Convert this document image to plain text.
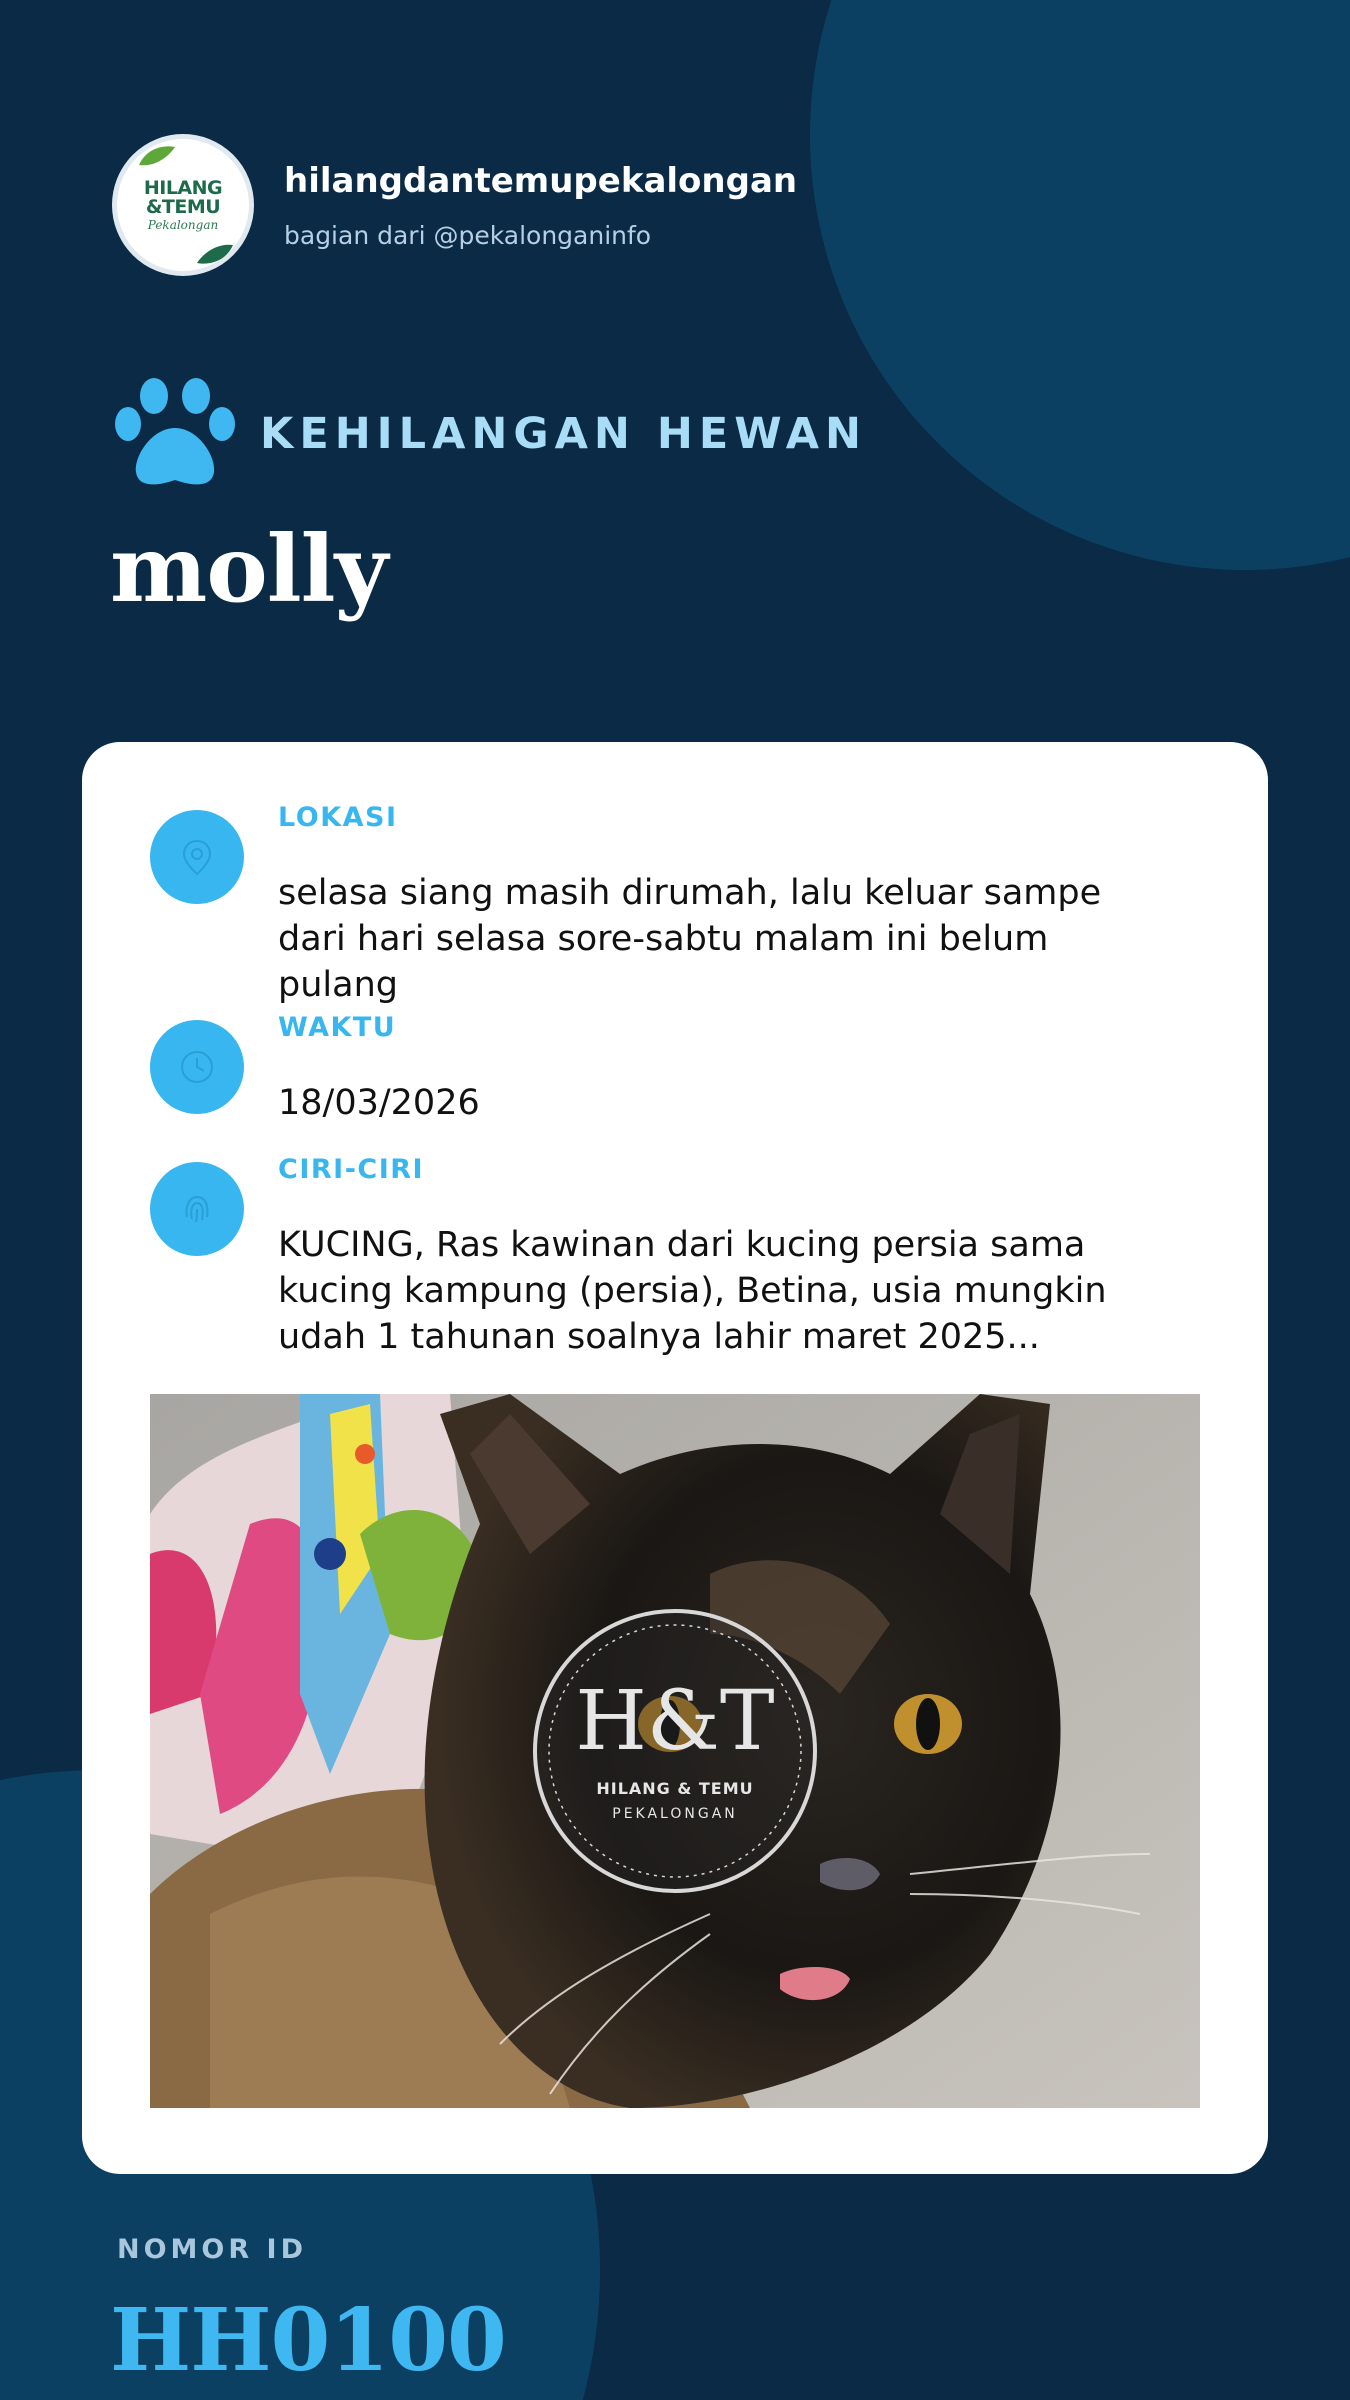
HILANG
&TEMU
Pekalongan
hilangdantemupekalongan
bagian dari @pekalonganinfo
KEHILANGAN HEWAN
molly
LOKASI
selasa siang masih dirumah, lalu keluar sampe dari hari selasa sore-sabtu malam ini belum pulang
WAKTU
18/03/2026
CIRI-CIRI
KUCING, Ras kawinan dari kucing persia sama kucing kampung (persia), Betina, usia mungkin udah 1 tahunan soalnya lahir maret 2025...
H&T
HILANG & TEMU
PEKALONGAN
NOMOR ID
HH0100
